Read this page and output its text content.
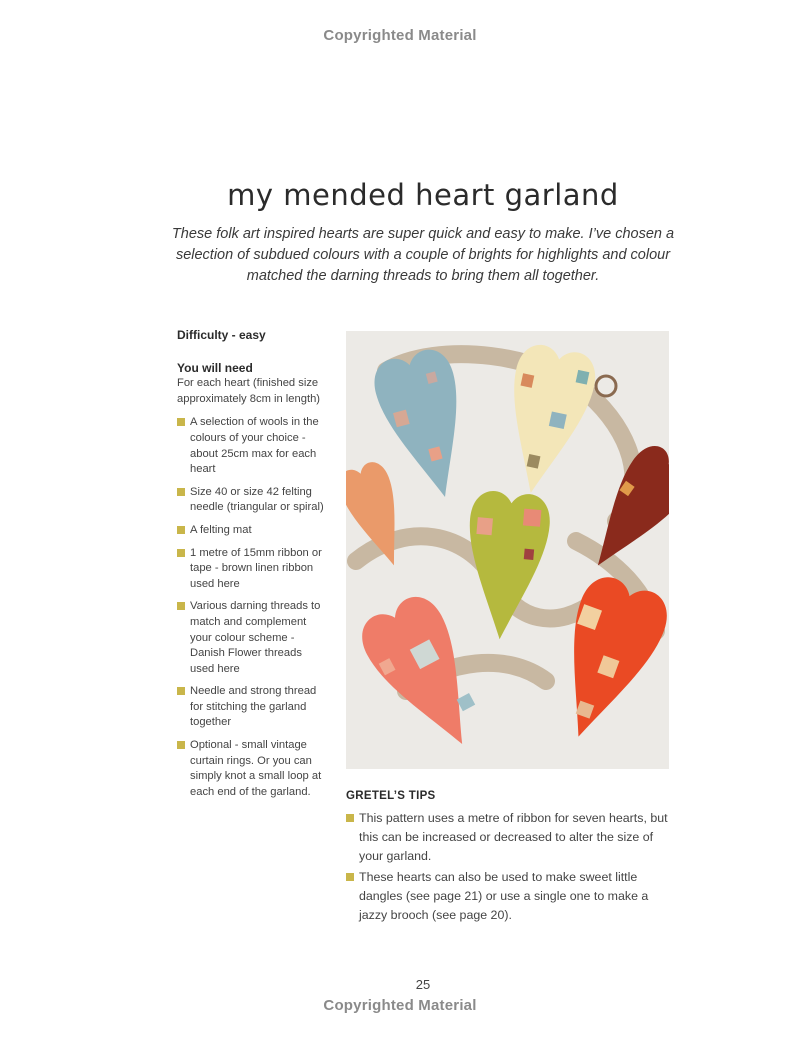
Copyrighted Material
my mended heart garland
These folk art inspired hearts are super quick and easy to make. I’ve chosen a selection of subdued colours with a couple of brights for highlights and colour matched the darning threads to bring them all together.
Difficulty - easy
You will need
For each heart (finished size approximately 8cm in length)
A selection of wools in the colours of your choice - about 25cm max for each heart
Size 40 or size 42 felting needle (triangular or spiral)
A felting mat
1 metre of 15mm ribbon or tape - brown linen ribbon used here
Various darning threads to match and complement your colour scheme - Danish Flower threads used here
Needle and strong thread for stitching the garland together
Optional - small vintage curtain rings. Or you can simply knot a small loop at each end of the garland.	GRETEL’S TIPS
This pattern uses a metre of ribbon for seven hearts, but this can be increased or decreased to alter the size of your garland.
These hearts can also be used to make sweet little dangles (see page 21) or use a single one to make a jazzy brooch (see page 20).
25
Copyrighted Material
